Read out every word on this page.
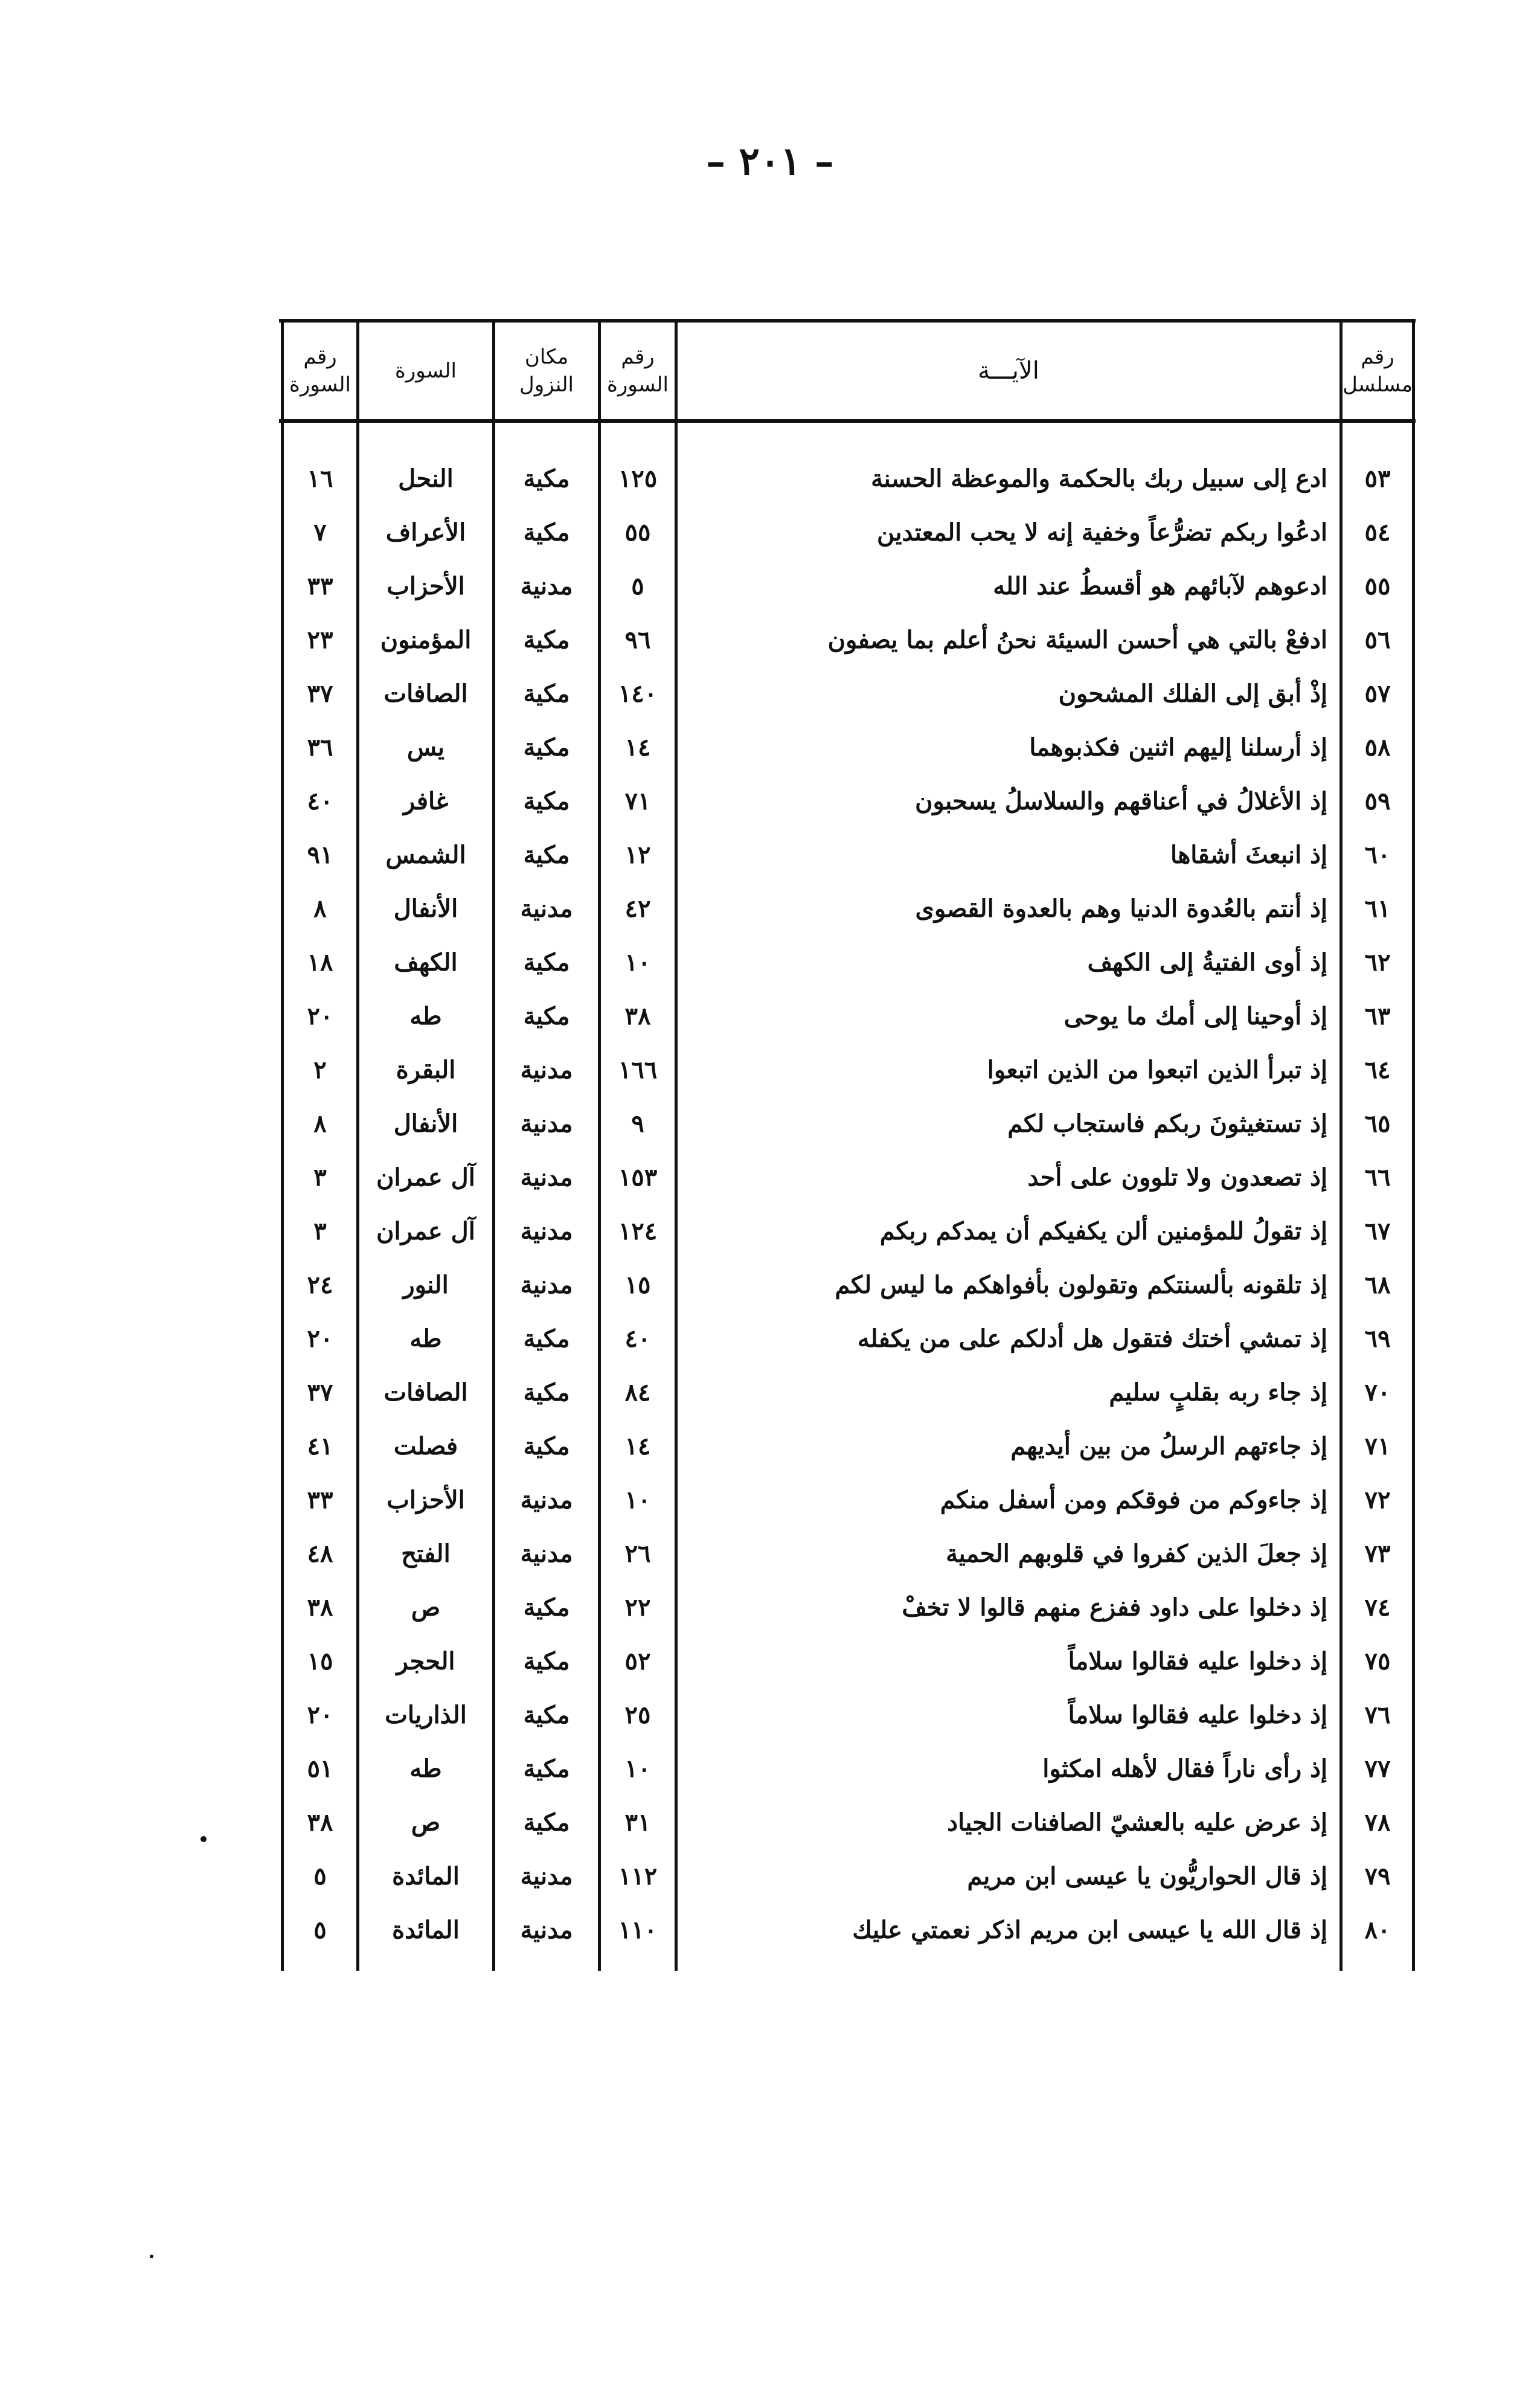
– ٢٠١ –
رقم
مسلسل
الآيـــة
رقم
السورة
مكان
النزول
السورة
رقم
السورة
٥٣
ادع إلى سبيل ربك بالحكمة والموعظة الحسنة
١٢٥
مكية
النحل
١٦
٥٤
ادعُوا ربكم تضرُّعاً وخفية إنه لا يحب المعتدين
٥٥
مكية
الأعراف
٧
٥٥
ادعوهم لآبائهم هو أقسطُ عند الله
٥
مدنية
الأحزاب
٣٣
٥٦
ادفعْ بالتي هي أحسن السيئة نحنُ أعلم بما يصفون
٩٦
مكية
المؤمنون
٢٣
٥٧
إذْ أبق إلى الفلك المشحون
١٤٠
مكية
الصافات
٣٧
٥٨
إذ أرسلنا إليهم اثنين فكذبوهما
١٤
مكية
يس
٣٦
٥٩
إذ الأغلالُ في أعناقهم والسلاسلُ يسحبون
٧١
مكية
غافر
٤٠
٦٠
إذ انبعثَ أشقاها
١٢
مكية
الشمس
٩١
٦١
إذ أنتم بالعُدوة الدنيا وهم بالعدوة القصوى
٤٢
مدنية
الأنفال
٨
٦٢
إذ أوى الفتيةُ إلى الكهف
١٠
مكية
الكهف
١٨
٦٣
إذ أوحينا إلى أمك ما يوحى
٣٨
مكية
طه
٢٠
٦٤
إذ تبرأ الذين اتبعوا من الذين اتبعوا
١٦٦
مدنية
البقرة
٢
٦٥
إذ تستغيثونَ ربكم فاستجاب لكم
٩
مدنية
الأنفال
٨
٦٦
إذ تصعدون ولا تلوون على أحد
١٥٣
مدنية
آل عمران
٣
٦٧
إذ تقولُ للمؤمنين ألن يكفيكم أن يمدكم ربكم
١٢٤
مدنية
آل عمران
٣
٦٨
إذ تلقونه بألسنتكم وتقولون بأفواهكم ما ليس لكم
١٥
مدنية
النور
٢٤
٦٩
إذ تمشي أختك فتقول هل أدلكم على من يكفله
٤٠
مكية
طه
٢٠
٧٠
إذ جاء ربه بقلبٍ سليم
٨٤
مكية
الصافات
٣٧
٧١
إذ جاءتهم الرسلُ من بين أيديهم
١٤
مكية
فصلت
٤١
٧٢
إذ جاءوكم من فوقكم ومن أسفل منكم
١٠
مدنية
الأحزاب
٣٣
٧٣
إذ جعلَ الذين كفروا في قلوبهم الحمية
٢٦
مدنية
الفتح
٤٨
٧٤
إذ دخلوا على داود ففزع منهم قالوا لا تخفْ
٢٢
مكية
ص
٣٨
٧٥
إذ دخلوا عليه فقالوا سلاماً
٥٢
مكية
الحجر
١٥
٧٦
إذ دخلوا عليه فقالوا سلاماً
٢٥
مكية
الذاريات
٢٠
٧٧
إذ رأى ناراً فقال لأهله امكثوا
١٠
مكية
طه
٥١
٧٨
إذ عرض عليه بالعشيّ الصافنات الجياد
٣١
مكية
ص
٣٨
٧٩
إذ قال الحواريُّون يا عيسى ابن مريم
١١٢
مدنية
المائدة
٥
٨٠
إذ قال الله يا عيسى ابن مريم اذكر نعمتي عليك
١١٠
مدنية
المائدة
٥
